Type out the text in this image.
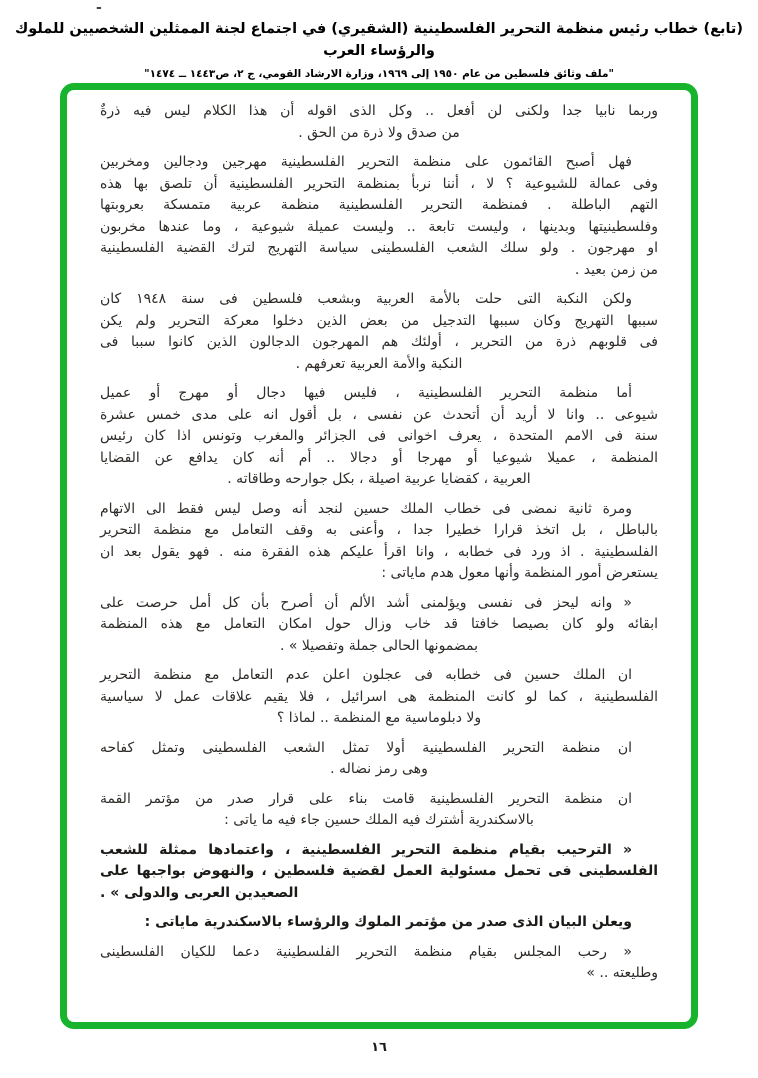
-
(تابع) خطاب رئيس منظمة التحرير الفلسطينية (الشقيري) في اجتماع لجنة الممثلين الشخصيين للملوك والرؤساء العرب
"ملف وثائق فلسطين من عام ١٩٥٠ إلى ١٩٦٩، وزارة الارشاد القومي، ج ٢، ص١٤٤٣ ــ ١٤٧٤"

وربما نابيا جدا ولكنى لن أفعل .. وكل الذى اقوله أن هذا الكلام ليس فيه ذرةٌ
من صدق ولا ذرة من الحق .

فهل أصبح القائمون على منظمة التحرير الفلسطينية مهرجين ودجالين ومخربين
وفى عمالة للشيوعية ؟ لا ، أننا نربأ بمنظمة التحرير الفلسطينية أن تلصق بها هذه
التهم الباطلة . فمنظمة التحرير الفلسطينية منظمة عربية متمسكة بعروبتها
وفلسطينيتها وبدينها ، وليست تابعة .. وليست عميلة شيوعية ، وما عندها مخربون
او مهرجون . ولو سلك الشعب الفلسطينى سياسة التهريج لترك القضية الفلسطينية
من زمن بعيد .

ولكن النكبة التى حلت بالأمة العربية وبشعب فلسطين فى سنة ١٩٤٨ كان
سببها التهريج وكان سببها التدجيل من بعض الذين دخلوا معركة التحرير ولم يكن
فى قلوبهم ذرة من التحرير ، أولئك هم المهرجون الدجالون الذين كانوا سببا فى
النكبة والأمة العربية تعرفهم .

أما منظمة التحرير الفلسطينية ، فليس فيها دجال أو مهرج أو عميل
شيوعى .. وانا لا أريد أن أتحدث عن نفسى ، بل أقول انه على مدى خمس عشرة
سنة فى الامم المتحدة ، يعرف اخوانى فى الجزائر والمغرب وتونس اذا كان رئيس
المنظمة ، عميلا شيوعيا أو مهرجا أو دجالا .. أم أنه كان يدافع عن القضايا
العربية ، كقضايا عربية اصيلة ، بكل جوارحه وطاقاته .

ومرة ثانية نمضى فى خطاب الملك حسين لنجد أنه وصل ليس فقط الى الاتهام
بالباطل ، بل اتخذ قرارا خطيرا جدا ، وأعنى به وقف التعامل مع منظمة التحرير
الفلسطينية . اذ ورد فى خطابه ، وانا اقرأ عليكم هذه الفقرة منه . فهو يقول بعد ان
يستعرض أمور المنظمة وأنها معول هدم ماياتى :

« وانه ليحز فى نفسى ويؤلمنى أشد الألم أن أصرح بأن كل أمل حرصت على
ابقائه ولو كان بصيصا خافتا قد خاب وزال حول امكان التعامل مع هذه المنظمة
بمضمونها الحالى جملة وتفصيلا » .

ان الملك حسين فى خطابه فى عجلون اعلن عدم التعامل مع منظمة التحرير
الفلسطينية ، كما لو كانت المنظمة هى اسرائيل ، فلا يقيم علاقات عمل لا سياسية
ولا دبلوماسية مع المنظمة .. لماذا ؟

ان منظمة التحرير الفلسطينية أولا تمثل الشعب الفلسطينى وتمثل كفاحه
وهى رمز نضاله .

ان منظمة التحرير الفلسطينية قامت بناء على قرار صدر من مؤتمر القمة
بالاسكندرية أشترك فيه الملك حسين جاء فيه ما ياتى :

« الترحيب بقيام منظمة التحرير الفلسطينية ، واعتمادها ممثلة للشعب
الفلسطينى فى تحمل مسئولية العمل لقضية فلسطين ، والنهوض بواجبها على
الصعيدين العربى والدولى » .

ويعلن البيان الذى صدر من مؤتمر الملوك والرؤساء بالاسكندرية ماياتى :

« رحب المجلس بقيام منظمة التحرير الفلسطينية دعما للكيان الفلسطينى
وطليعته .. »

١٦
